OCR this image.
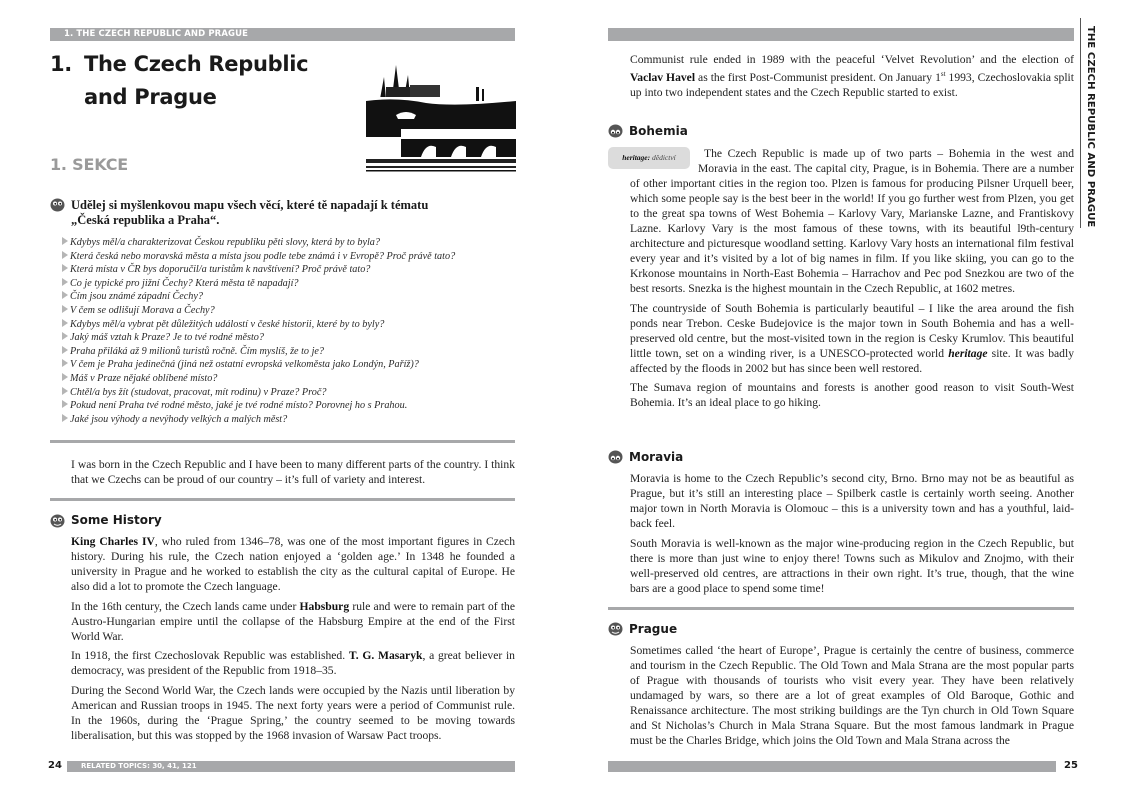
1. THE CZECH REPUBLIC AND PRAGUE
1. The Czech Republic
and Prague
1. SEKCE
Udělej si myšlenkovou mapu všech věcí, které tě napadají k tématu
„Česká republika a Praha“.
Kdybys měl/a charakterizovat Českou republiku pěti slovy, která by to byla?
Která česká nebo moravská města a místa jsou podle tebe známá i v Evropě? Proč právě tato?
Která místa v ČR bys doporučil/a turistům k navštívení? Proč právě tato?
Co je typické pro jižní Čechy? Která města tě napadají?
Čím jsou známé západní Čechy?
V čem se odlišují Morava a Čechy?
Kdybys měl/a vybrat pět důležitých událostí v české historii, které by to byly?
Jaký máš vztah k Praze? Je to tvé rodné město?
Praha přiláká až 9 milionů turistů ročně. Čím myslíš, že to je?
V čem je Praha jedinečná (jiná než ostatní evropská velkoměsta jako Londýn, Paříž)?
Máš v Praze nějaké oblíbené místo?
Chtěl/a bys žít (studovat, pracovat, mít rodinu) v Praze? Proč?
Pokud není Praha tvé rodné město, jaké je tvé rodné místo? Porovnej ho s Prahou.
Jaké jsou výhody a nevýhody velkých a malých měst?

I was born in the Czech Republic and I have been to many different parts of the country. I think that we Czechs can be proud of our country – it’s full of variety and interest.

Some History

King Charles IV, who ruled from 1346–78, was one of the most important figures in Czech history. During his rule, the Czech nation enjoyed a ‘golden age.’ In 1348 he founded a university in Prague and he worked to establish the city as the cultural capital of Europe. He also did a lot to promote the Czech language.

In the 16th century, the Czech lands came under Habsburg rule and were to remain part of the Austro-Hungarian empire until the collapse of the Habsburg Empire at the end of the First World War.

In 1918, the first Czechoslovak Republic was established. T. G. Masaryk, a great believer in democracy, was president of the Republic from 1918–35.

During the Second World War, the Czech lands were occupied by the Nazis until liberation by American and Russian troops in 1945. The next forty years were a period of Communist rule. In the 1960s, during the ‘Prague Spring,’ the country seemed to be moving towards liberalisation, but this was stopped by the 1968 invasion of Warsaw Pact troops.

24	RELATED TOPICS: 30, 41, 121
THE CZECH REPUBLIC AND PRAGUE

Communist rule ended in 1989 with the peaceful ‘Velvet Revolution’ and the election of Vaclav Havel as the first Post-Communist president. On January 1st 1993, Czechoslovakia split up into two independent states and the Czech Republic started to exist.

Bohemia
heritage: dědictví	The Czech Republic is made up of two parts – Bohemia in the west and Moravia in the east. The capital city, Prague, is in Bohemia. There are a number of other important cities in the region too. Plzen is famous for producing Pilsner Urquell beer, which some people say is the best beer in the world! If you go further west from Plzen, you get to the great spa towns of West Bohemia – Karlovy Vary, Marianske Lazne, and Frantiskovy Lazne. Karlovy Vary is the most famous of these towns, with its beautiful l9th-century architecture and picturesque woodland setting. Karlovy Vary hosts an international film festival every year and it’s visited by a lot of big names in film. If you like skiing, you can go to the Krkonose mountains in North-East Bohemia – Harrachov and Pec pod Snezkou are two of the best resorts. Snezka is the highest mountain in the Czech Republic, at 1602 metres.

The countryside of South Bohemia is particularly beautiful – I like the area around the fish ponds near Trebon. Ceske Budejovice is the major town in South Bohemia and has a well-preserved old centre, but the most-visited town in the region is Cesky Krumlov. This beautiful little town, set on a winding river, is a UNESCO-protected world heritage site. It was badly affected by the floods in 2002 but has since been well restored.

The Sumava region of mountains and forests is another good reason to visit South-West Bohemia. It’s an ideal place to go hiking.

Moravia

Moravia is home to the Czech Republic’s second city, Brno. Brno may not be as beautiful as Prague, but it’s still an interesting place – Spilberk castle is certainly worth seeing. Another major town in North Moravia is Olomouc – this is a university town and has a youthful, laid-back feel.

South Moravia is well-known as the major wine-producing region in the Czech Republic, but there is more than just wine to enjoy there! Towns such as Mikulov and Znojmo, with their well-preserved old centres, are attractions in their own right. It’s true, though, that the wine bars are a good place to spend some time!

Prague

Sometimes called ‘the heart of Europe’, Prague is certainly the centre of business, commerce and tourism in the Czech Republic. The Old Town and Mala Strana are the most popular parts of Prague with thousands of tourists who visit every year. They have been relatively undamaged by wars, so there are a lot of great examples of Old Baroque, Gothic and Renaissance architecture. The most striking buildings are the Tyn church in Old Town Square and St Nicholas’s Church in Mala Strana Square. But the most famous landmark in Prague must be the Charles Bridge, which joins the Old Town and Mala Strana across the

25
